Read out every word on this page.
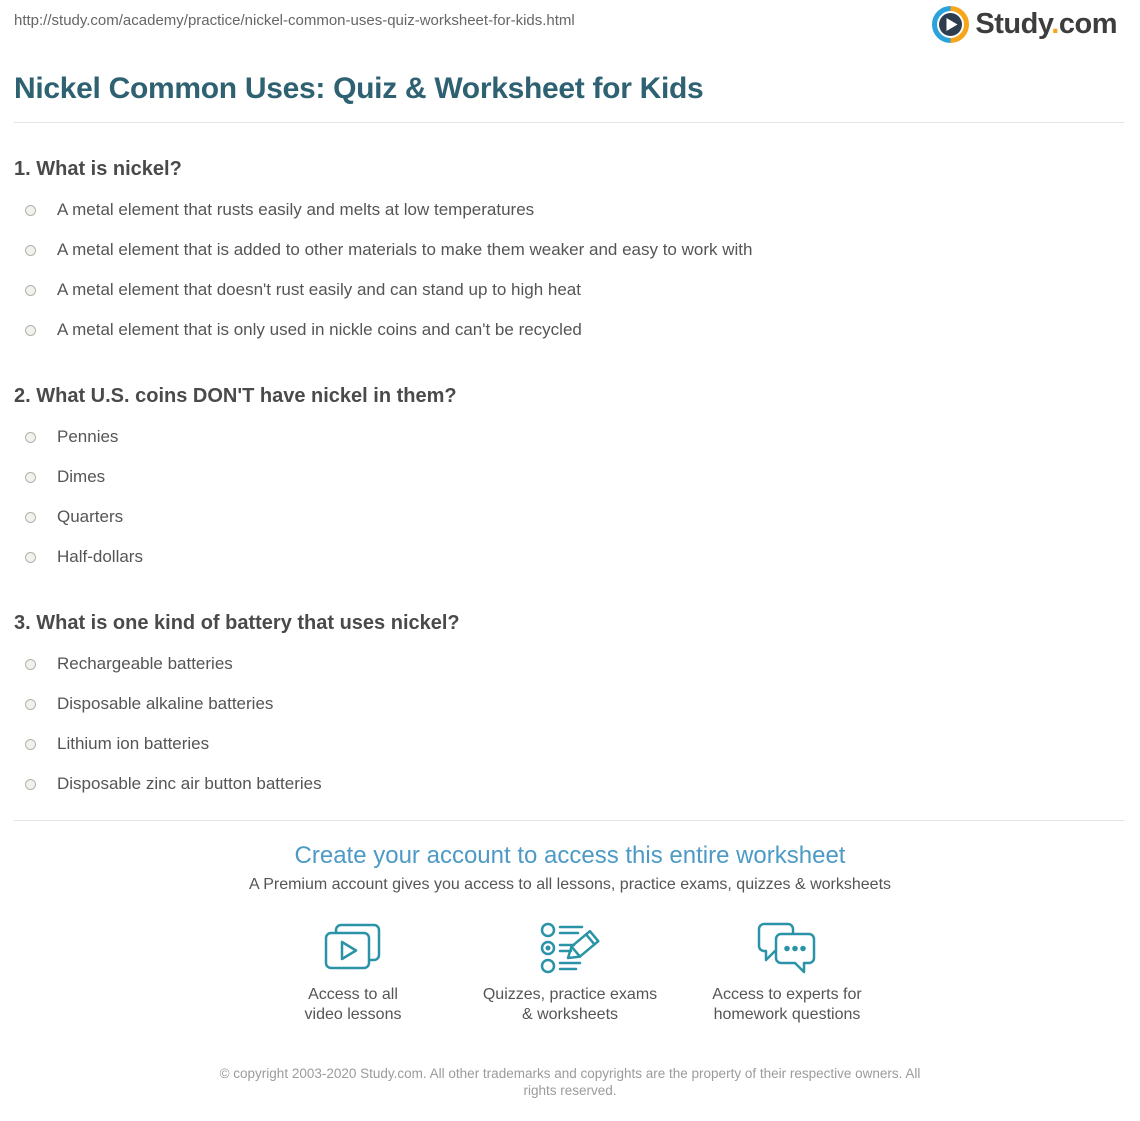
http://study.com/academy/practice/nickel-common-uses-quiz-worksheet-for-kids.html	Study.com
Nickel Common Uses: Quiz & Worksheet for Kids
1. What is nickel?
A metal element that rusts easily and melts at low temperatures
A metal element that is added to other materials to make them weaker and easy to work with
A metal element that doesn't rust easily and can stand up to high heat
A metal element that is only used in nickle coins and can't be recycled
2. What U.S. coins DON'T have nickel in them?
Pennies
Dimes
Quarters
Half-dollars
3. What is one kind of battery that uses nickel?
Rechargeable batteries
Disposable alkaline batteries
Lithium ion batteries
Disposable zinc air button batteries
Create your account to access this entire worksheet
A Premium account gives you access to all lessons, practice exams, quizzes & worksheets
Access to all
video lessons
Quizzes, practice exams
& worksheets
Access to experts for
homework questions
© copyright 2003-2020 Study.com. All other trademarks and copyrights are the property of their respective owners. All rights reserved.
